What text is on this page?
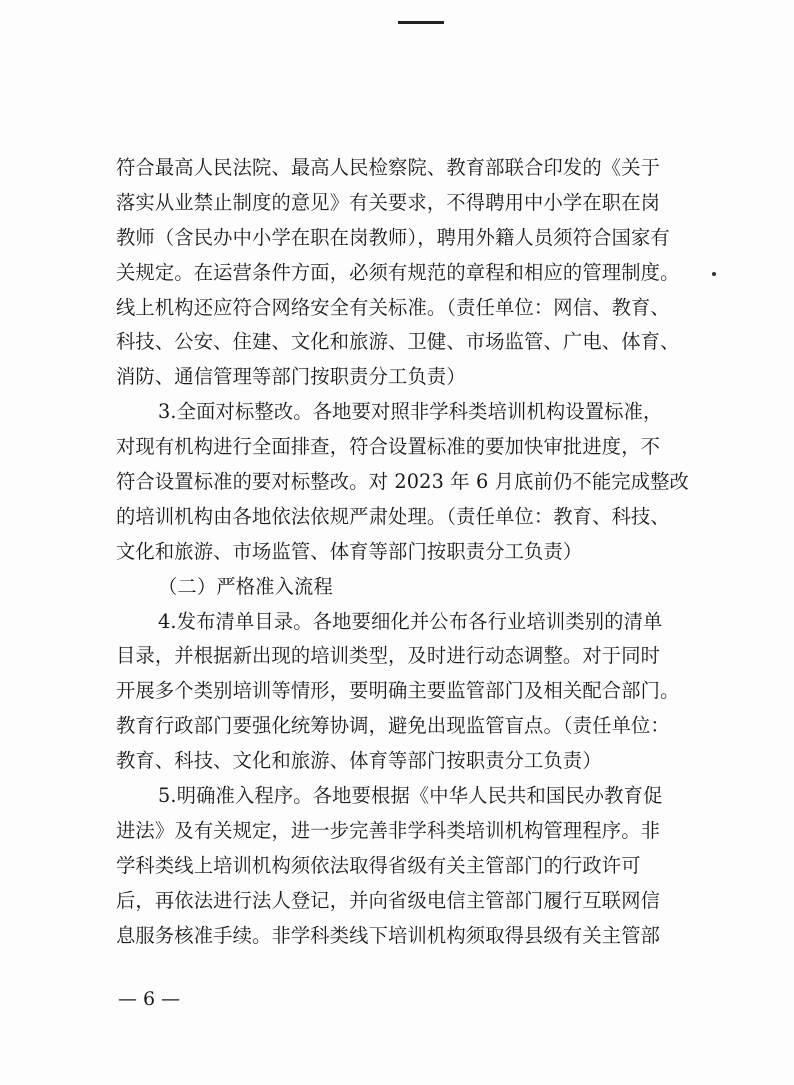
符合最高人民法院、最高人民检察院、教育部联合印发的《关于
落实从业禁止制度的意见》有关要求，不得聘用中小学在职在岗
教师（含民办中小学在职在岗教师），聘用外籍人员须符合国家有
关规定。在运营条件方面，必须有规范的章程和相应的管理制度。
线上机构还应符合网络安全有关标准。（责任单位：网信、教育、
科技、公安、住建、文化和旅游、卫健、市场监管、广电、体育、
消防、通信管理等部门按职责分工负责）
3.全面对标整改。各地要对照非学科类培训机构设置标准，
对现有机构进行全面排查，符合设置标准的要加快审批进度，不
符合设置标准的要对标整改。对 2023 年 6 月底前仍不能完成整改
的培训机构由各地依法依规严肃处理。（责任单位：教育、科技、
文化和旅游、市场监管、体育等部门按职责分工负责）
（二）严格准入流程
4.发布清单目录。各地要细化并公布各行业培训类别的清单
目录，并根据新出现的培训类型，及时进行动态调整。对于同时
开展多个类别培训等情形，要明确主要监管部门及相关配合部门。
教育行政部门要强化统筹协调，避免出现监管盲点。（责任单位：
教育、科技、文化和旅游、体育等部门按职责分工负责）
5.明确准入程序。各地要根据《中华人民共和国民办教育促
进法》及有关规定，进一步完善非学科类培训机构管理程序。非
学科类线上培训机构须依法取得省级有关主管部门的行政许可
后，再依法进行法人登记，并向省级电信主管部门履行互联网信
息服务核准手续。非学科类线下培训机构须取得县级有关主管部
— 6 —
